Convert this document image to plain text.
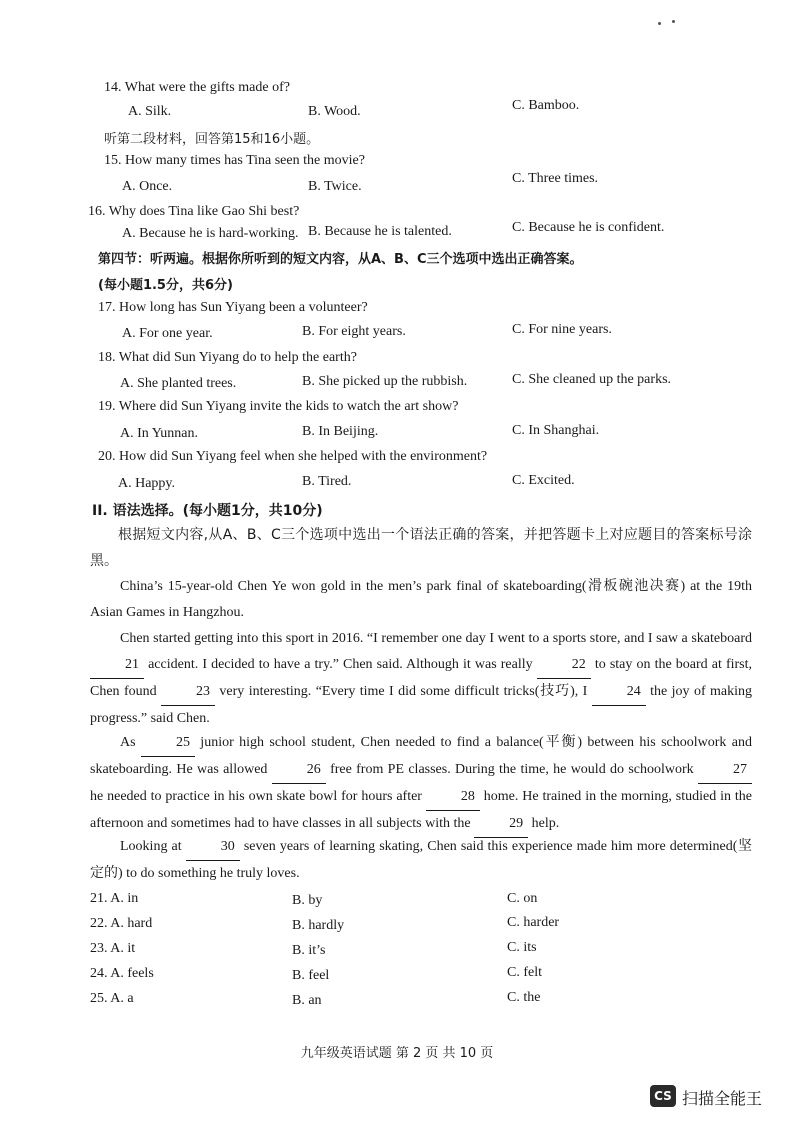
14. What were the gifts made of?
A. Silk.	B. Wood.	C. Bamboo.
听第二段材料，回答第15和16小题。
15. How many times has Tina seen the movie?
A. Once.	B. Twice.
C. Three times.
16. Why does Tina like Gao Shi best?
A. Because he is hard-working. B. Because he is talented.	C. Because he is confident.
第四节：听两遍。根据你所听到的短文内容，从A、B、C三个选项中选出正确答案。
(每小题1.5分，共6分)
17. How long has Sun Yiyang been a volunteer?
A. For one year.	B. For eight years.	C. For nine years.
18. What did Sun Yiyang do to help the earth?
A. She planted trees.	B. She picked up the rubbish.	C. She cleaned up the parks.
19. Where did Sun Yiyang invite the kids to watch the art show?
A. In Yunnan.	B. In Beijing.	C. In Shanghai.
20. How did Sun Yiyang feel when she helped with the environment?
A. Happy.	B. Tired.	C. Excited.
II. 语法选择。(每小题1分，共10分)
根据短文内容,从A、B、C三个选项中选出一个语法正确的答案，并把答题卡上对应题目的答案标号涂黑。
China’s 15-year-old Chen Ye won gold in the men’s park final of skateboarding(滑板碗池决赛) at the 19th Asian Games in Hangzhou.
Chen started getting into this sport in 2016. “I remember one day I went to a sports store, and I saw a skateboard 21 accident. I decided to have a try.” Chen said. Although it was really	22 to stay on the board at first, Chen found	23 very interesting. “Every time I did some difficult tricks(技巧), I	24 the joy of making progress.” said Chen.
As	25 junior high school student, Chen needed to find a balance(平衡) between his schoolwork and skateboarding. He was allowed	26 free from PE classes. During the time, he would do schoolwork	27 he needed to practice in his own skate bowl for hours after	28 home. He trained in the morning, studied in the afternoon and sometimes had to have classes in all subjects with the	29 help.
Looking at	30 seven years of learning skating, Chen said this experience made him more determined(坚定的) to do something he truly loves.
21. A. in	B. by	C. on
22. A. hard	B. hardly	C. harder
23. A. it	B. it’s	C. its
24. A. feels	B. feel	C. felt
25. A. a	B. an	C. the
九年级英语试题 第 2 页 共 10 页
CS 扫描全能王
